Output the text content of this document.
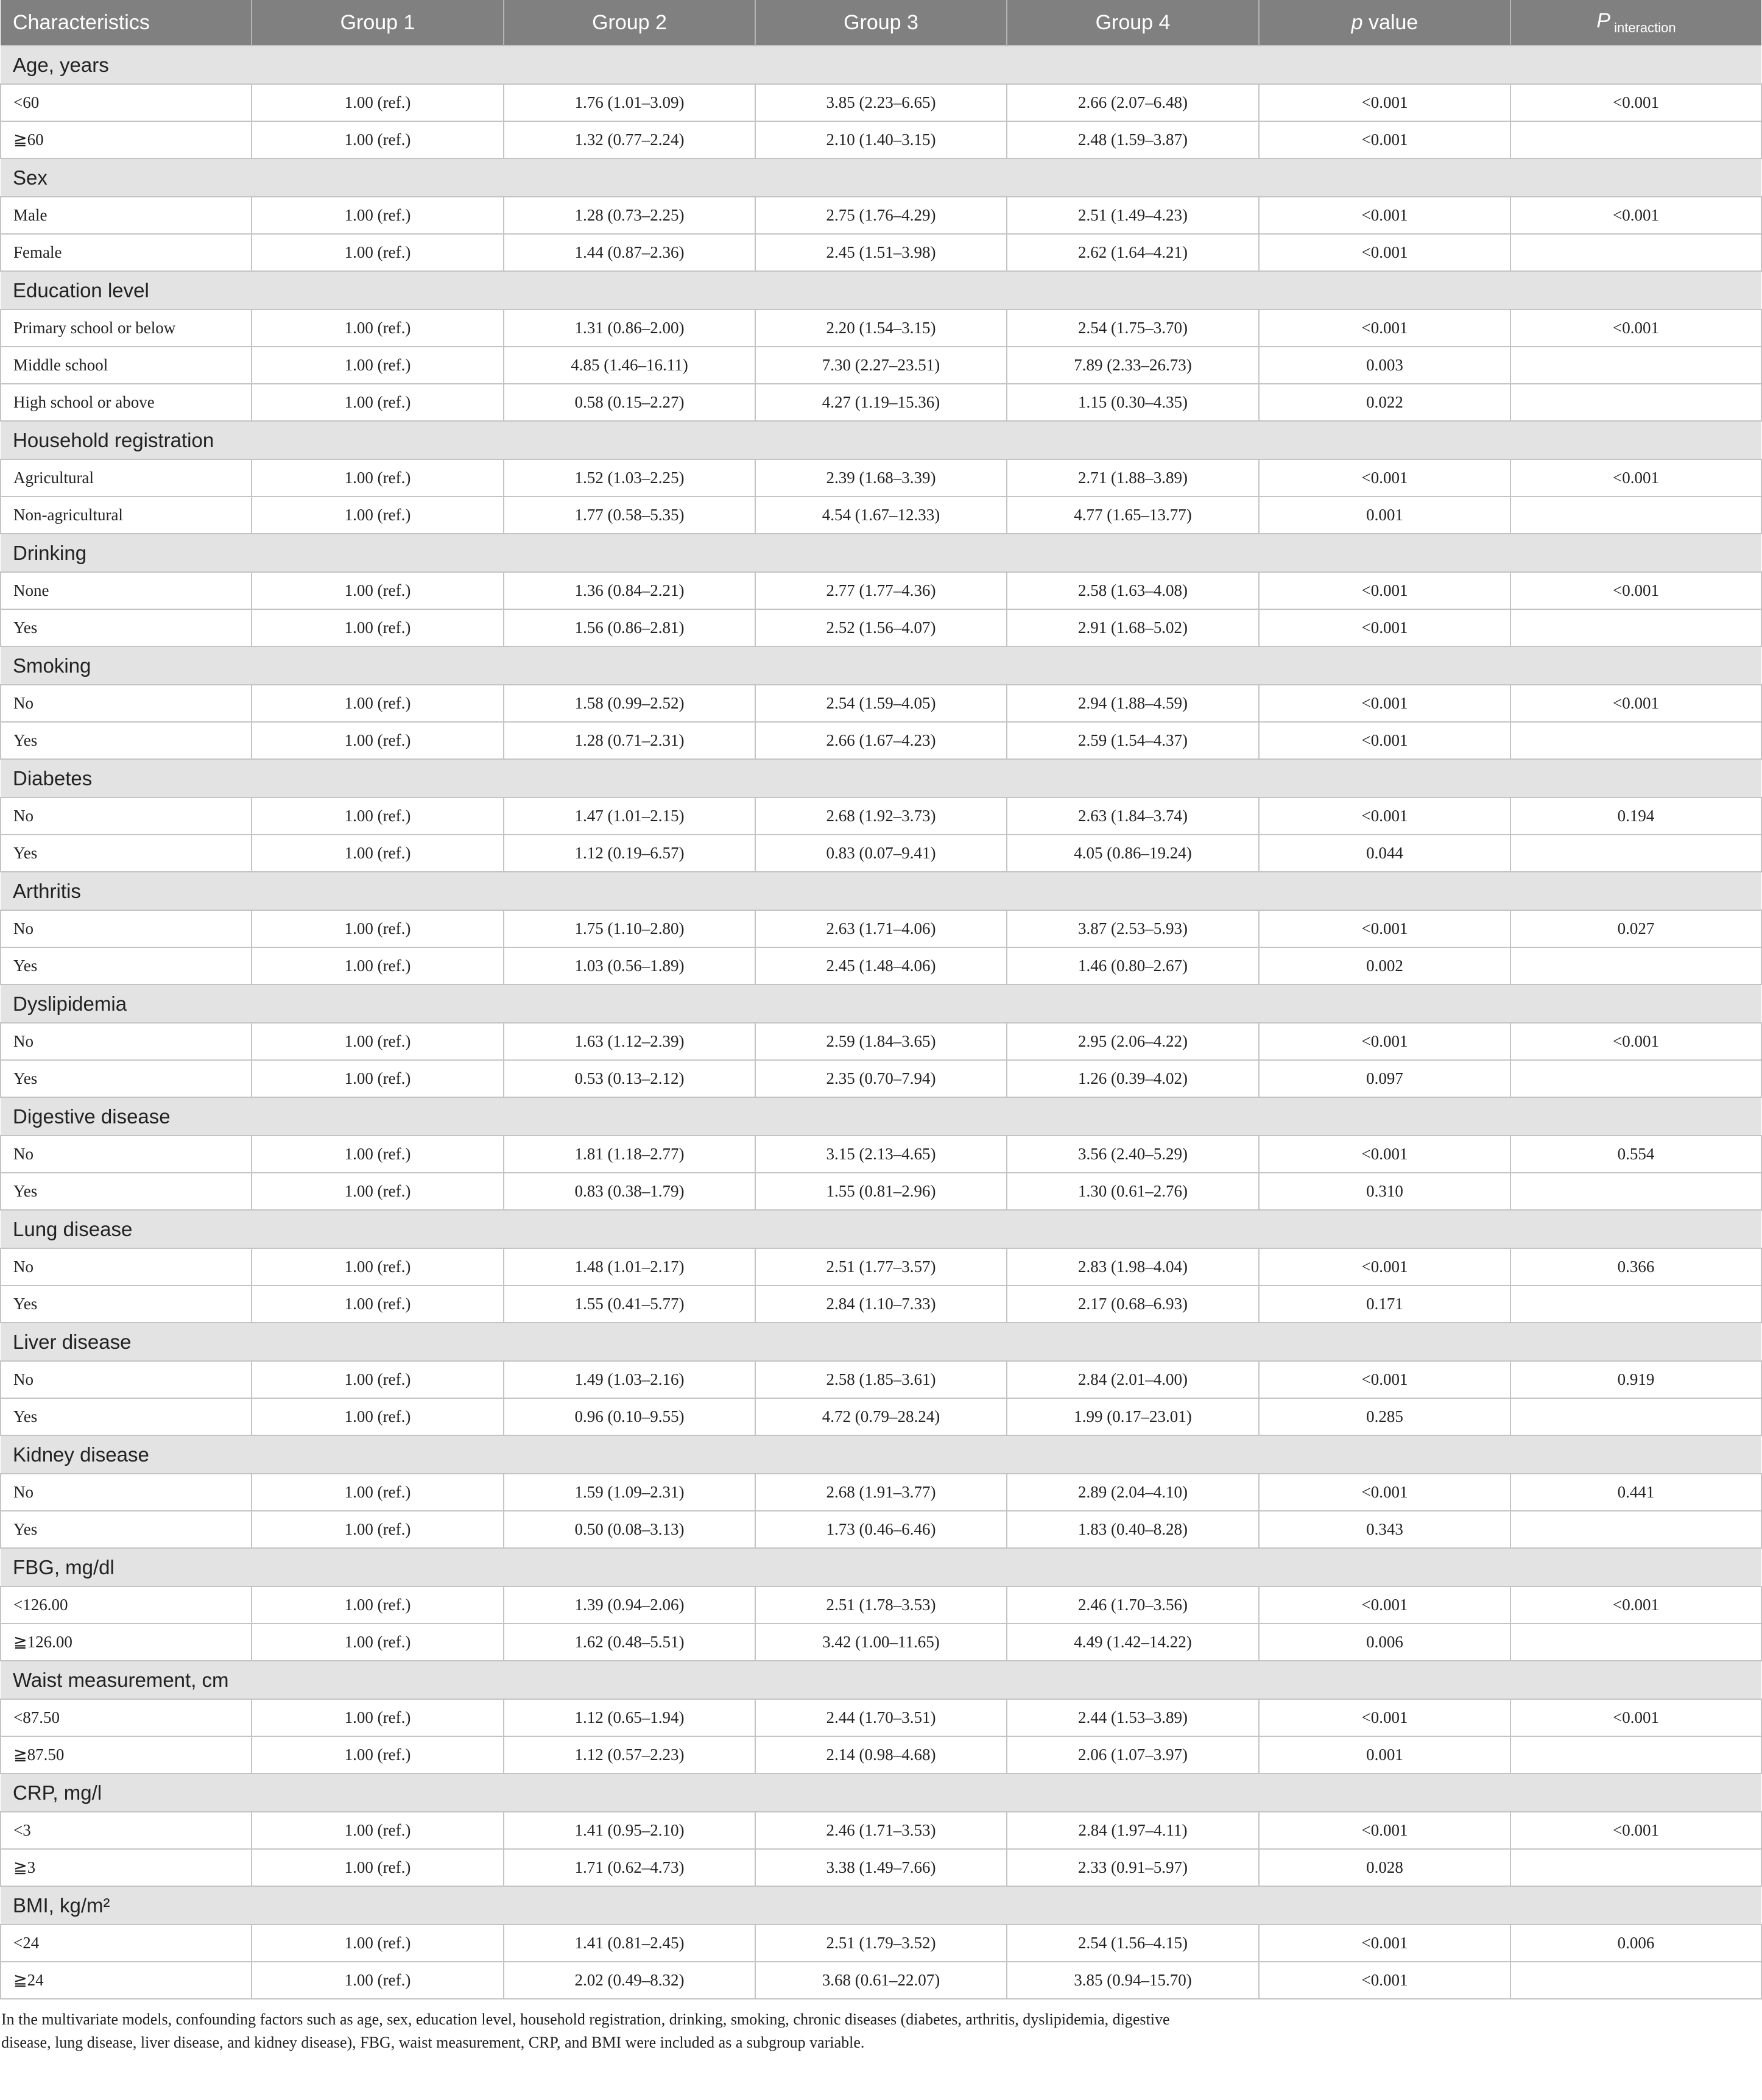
Characteristics	Group 1	Group 2	Group 3	Group 4	p value	P $_{interaction}$
Age, years						
<60	1.00 (ref.)	1.76 (1.01–3.09)	3.85 (2.23–6.65)	2.66 (2.07–6.48)	<0.001	<0.001
≧60	1.00 (ref.)	1.32 (0.77–2.24)	2.10 (1.40–3.15)	2.48 (1.59–3.87)	<0.001	
Sex						
Male	1.00 (ref.)	1.28 (0.73–2.25)	2.75 (1.76–4.29)	2.51 (1.49–4.23)	<0.001	<0.001
Female	1.00 (ref.)	1.44 (0.87–2.36)	2.45 (1.51–3.98)	2.62 (1.64–4.21)	<0.001	
Education level						
Primary school or below	1.00 (ref.)	1.31 (0.86–2.00)	2.20 (1.54–3.15)	2.54 (1.75–3.70)	<0.001	<0.001
Middle school	1.00 (ref.)	4.85 (1.46–16.11)	7.30 (2.27–23.51)	7.89 (2.33–26.73)	0.003	
High school or above	1.00 (ref.)	0.58 (0.15–2.27)	4.27 (1.19–15.36)	1.15 (0.30–4.35)	0.022	
Household registration						
Agricultural	1.00 (ref.)	1.52 (1.03–2.25)	2.39 (1.68–3.39)	2.71 (1.88–3.89)	<0.001	<0.001
Non-agricultural	1.00 (ref.)	1.77 (0.58–5.35)	4.54 (1.67–12.33)	4.77 (1.65–13.77)	0.001	
Drinking						
None	1.00 (ref.)	1.36 (0.84–2.21)	2.77 (1.77–4.36)	2.58 (1.63–4.08)	<0.001	<0.001
Yes	1.00 (ref.)	1.56 (0.86–2.81)	2.52 (1.56–4.07)	2.91 (1.68–5.02)	<0.001	
Smoking						
No	1.00 (ref.)	1.58 (0.99–2.52)	2.54 (1.59–4.05)	2.94 (1.88–4.59)	<0.001	<0.001
Yes	1.00 (ref.)	1.28 (0.71–2.31)	2.66 (1.67–4.23)	2.59 (1.54–4.37)	<0.001	
Diabetes						
No	1.00 (ref.)	1.47 (1.01–2.15)	2.68 (1.92–3.73)	2.63 (1.84–3.74)	<0.001	0.194
Yes	1.00 (ref.)	1.12 (0.19–6.57)	0.83 (0.07–9.41)	4.05 (0.86–19.24)	0.044	
Arthritis						
No	1.00 (ref.)	1.75 (1.10–2.80)	2.63 (1.71–4.06)	3.87 (2.53–5.93)	<0.001	0.027
Yes	1.00 (ref.)	1.03 (0.56–1.89)	2.45 (1.48–4.06)	1.46 (0.80–2.67)	0.002	
Dyslipidemia						
No	1.00 (ref.)	1.63 (1.12–2.39)	2.59 (1.84–3.65)	2.95 (2.06–4.22)	<0.001	<0.001
Yes	1.00 (ref.)	0.53 (0.13–2.12)	2.35 (0.70–7.94)	1.26 (0.39–4.02)	0.097	
Digestive disease						
No	1.00 (ref.)	1.81 (1.18–2.77)	3.15 (2.13–4.65)	3.56 (2.40–5.29)	<0.001	0.554
Yes	1.00 (ref.)	0.83 (0.38–1.79)	1.55 (0.81–2.96)	1.30 (0.61–2.76)	0.310	
Lung disease						
No	1.00 (ref.)	1.48 (1.01–2.17)	2.51 (1.77–3.57)	2.83 (1.98–4.04)	<0.001	0.366
Yes	1.00 (ref.)	1.55 (0.41–5.77)	2.84 (1.10–7.33)	2.17 (0.68–6.93)	0.171	
Liver disease						
No	1.00 (ref.)	1.49 (1.03–2.16)	2.58 (1.85–3.61)	2.84 (2.01–4.00)	<0.001	0.919
Yes	1.00 (ref.)	0.96 (0.10–9.55)	4.72 (0.79–28.24)	1.99 (0.17–23.01)	0.285	
Kidney disease						
No	1.00 (ref.)	1.59 (1.09–2.31)	2.68 (1.91–3.77)	2.89 (2.04–4.10)	<0.001	0.441
Yes	1.00 (ref.)	0.50 (0.08–3.13)	1.73 (0.46–6.46)	1.83 (0.40–8.28)	0.343	
FBG, mg/dl						
<126.00	1.00 (ref.)	1.39 (0.94–2.06)	2.51 (1.78–3.53)	2.46 (1.70–3.56)	<0.001	<0.001
≧126.00	1.00 (ref.)	1.62 (0.48–5.51)	3.42 (1.00–11.65)	4.49 (1.42–14.22)	0.006	
Waist measurement, cm						
<87.50	1.00 (ref.)	1.12 (0.65–1.94)	2.44 (1.70–3.51)	2.44 (1.53–3.89)	<0.001	<0.001
≧87.50	1.00 (ref.)	1.12 (0.57–2.23)	2.14 (0.98–4.68)	2.06 (1.07–3.97)	0.001	
CRP, mg/l						
<3	1.00 (ref.)	1.41 (0.95–2.10)	2.46 (1.71–3.53)	2.84 (1.97–4.11)	<0.001	<0.001
≧3	1.00 (ref.)	1.71 (0.62–4.73)	3.38 (1.49–7.66)	2.33 (0.91–5.97)	0.028	
BMI, kg/m²						
<24	1.00 (ref.)	1.41 (0.81–2.45)	2.51 (1.79–3.52)	2.54 (1.56–4.15)	<0.001	0.006
≧24	1.00 (ref.)	2.02 (0.49–8.32)	3.68 (0.61–22.07)	3.85 (0.94–15.70)	<0.001	

In the multivariate models, confounding factors such as age, sex, education level, household registration, drinking, smoking, chronic diseases (diabetes, arthritis, dyslipidemia, digestive disease, lung disease, liver disease, and kidney disease), FBG, waist measurement, CRP, and BMI were included as a subgroup variable.
